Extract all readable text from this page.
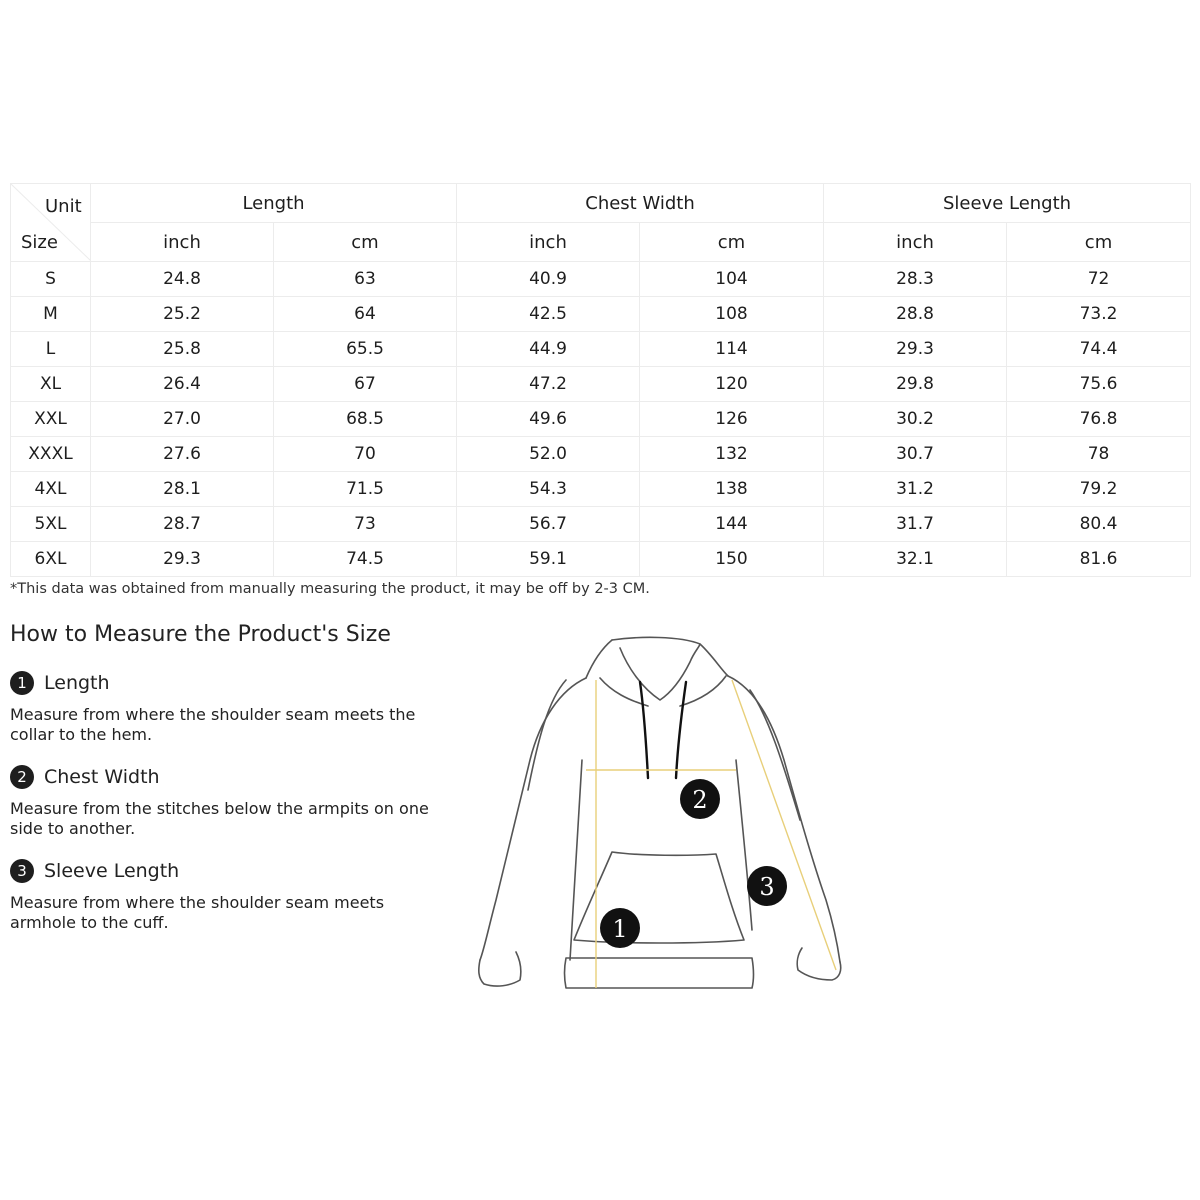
Unit
Size	Length		Chest Width		Sleeve Length	
	inch	cm	inch	cm	inch	cm
S	24.8	63	40.9	104	28.3	72
M	25.2	64	42.5	108	28.8	73.2
L	25.8	65.5	44.9	114	29.3	74.4
XL	26.4	67	47.2	120	29.8	75.6
XXL	27.0	68.5	49.6	126	30.2	76.8
XXXL	27.6	70	52.0	132	30.7	78
4XL	28.1	71.5	54.3	138	31.2	79.2
5XL	28.7	73	56.7	144	31.7	80.4
6XL	29.3	74.5	59.1	150	32.1	81.6
*This data was obtained from manually measuring the product, it may be off by 2-3 CM.
How to Measure the Product's Size
1 Length
Measure from where the shoulder seam meets the collar to the hem.
2 Chest Width
Measure from the stitches below the armpits on one side to another.
3 Sleeve Length
Measure from where the shoulder seam meets armhole to the cuff.	1
2
3
